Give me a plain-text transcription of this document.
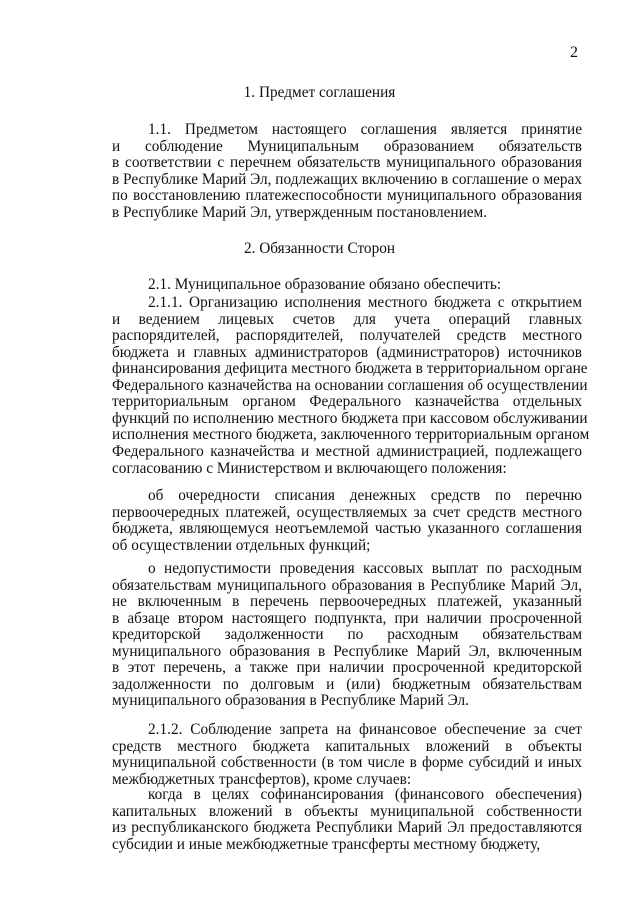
2
1. Предмет соглашения
1.1. Предметом настоящего соглашения является принятие
и соблюдение Муниципальным образованием обязательств
в соответствии с перечнем обязательств муниципального образования
в Республике Марий Эл, подлежащих включению в соглашение о мерах
по восстановлению платежеспособности муниципального образования
в Республике Марий Эл, утвержденным постановлением.
2. Обязанности Сторон
2.1. Муниципальное образование обязано обеспечить:
2.1.1. Организацию исполнения местного бюджета с открытием
и ведением лицевых счетов для учета операций главных
распорядителей, распорядителей, получателей средств местного
бюджета и главных администраторов (администраторов) источников
финансирования дефицита местного бюджета в территориальном органе
Федерального казначейства на основании соглашения об осуществлении
территориальным органом Федерального казначейства отдельных
функций по исполнению местного бюджета при кассовом обслуживании
исполнения местного бюджета, заключенного территориальным органом
Федерального казначейства и местной администрацией, подлежащего
согласованию с Министерством и включающего положения:
об очередности списания денежных средств по перечню
первоочередных платежей, осуществляемых за счет средств местного
бюджета, являющемуся неотъемлемой частью указанного соглашения
об осуществлении отдельных функций;
о недопустимости проведения кассовых выплат по расходным
обязательствам муниципального образования в Республике Марий Эл,
не включенным в перечень первоочередных платежей, указанный
в абзаце втором настоящего подпункта, при наличии просроченной
кредиторской задолженности по расходным обязательствам
муниципального образования в Республике Марий Эл, включенным
в этот перечень, а также при наличии просроченной кредиторской
задолженности по долговым и (или) бюджетным обязательствам
муниципального образования в Республике Марий Эл.
2.1.2. Соблюдение запрета на финансовое обеспечение за счет
средств местного бюджета капитальных вложений в объекты
муниципальной собственности (в том числе в форме субсидий и иных
межбюджетных трансфертов), кроме случаев:
когда в целях софинансирования (финансового обеспечения)
капитальных вложений в объекты муниципальной собственности
из республиканского бюджета Республики Марий Эл предоставляются
субсидии и иные межбюджетные трансферты местному бюджету,
